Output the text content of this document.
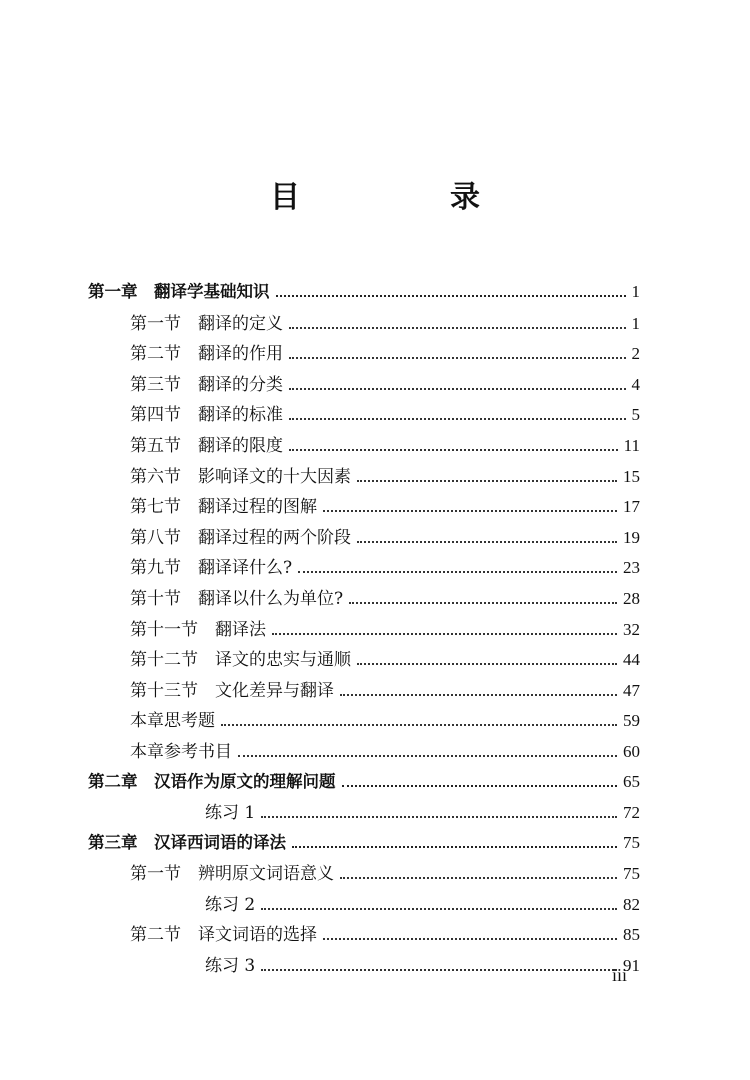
目　录
第一章　翻译学基础知识	1
第一节　翻译的定义	1
第二节　翻译的作用	2
第三节　翻译的分类	4
第四节　翻译的标准	5
第五节　翻译的限度	11
第六节　影响译文的十大因素	15
第七节　翻译过程的图解	17
第八节　翻译过程的两个阶段	19
第九节　翻译译什么?	23
第十节　翻译以什么为单位?	28
第十一节　翻译法	32
第十二节　译文的忠实与通顺	44
第十三节　文化差异与翻译	47
本章思考题	59
本章参考书目	60
第二章　汉语作为原文的理解问题	65
练习 1	72
第三章　汉译西词语的译法	75
第一节　辨明原文词语意义	75
练习 2	82
第二节　译文词语的选择	85
练习 3	91
iii
